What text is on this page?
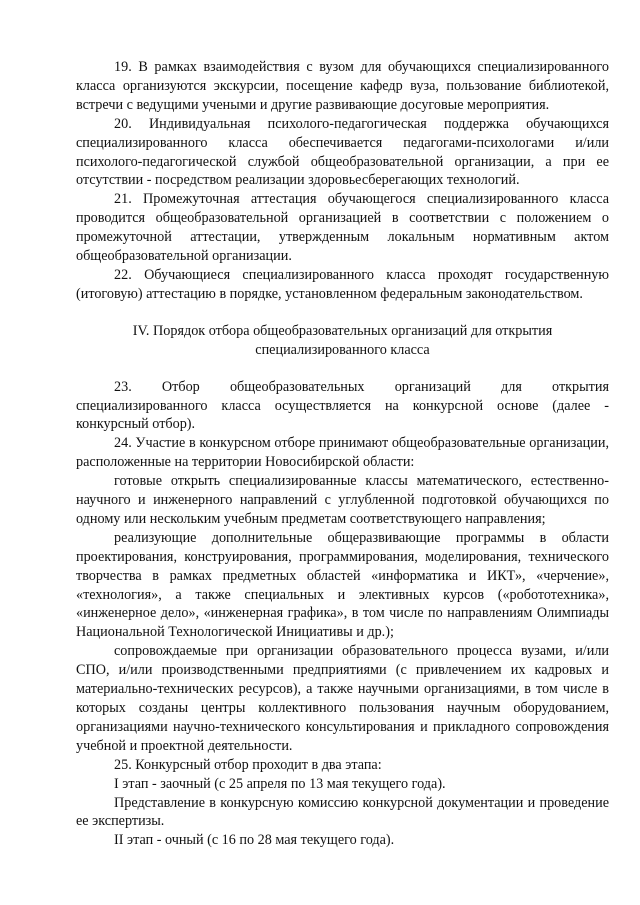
19. В рамках взаимодействия с вузом для обучающихся специализированного класса организуются экскурсии, посещение кафедр вуза, пользование библиотекой, встречи с ведущими учеными и другие развивающие досуговые мероприятия.

20. Индивидуальная психолого-педагогическая поддержка обучающихся специализированного класса обеспечивается педагогами-психологами и/или психолого-педагогической службой общеобразовательной организации, а при ее отсутствии - посредством реализации здоровьесберегающих технологий.

21. Промежуточная аттестация обучающегося специализированного класса проводится общеобразовательной организацией в соответствии с положением о промежуточной аттестации, утвержденным локальным нормативным актом общеобразовательной организации.

22. Обучающиеся специализированного класса проходят государственную (итоговую) аттестацию в порядке, установленном федеральным законодательством.

IV. Порядок отбора общеобразовательных организаций для открытия
специализированного класса

23. Отбор общеобразовательных организаций для открытия специализированного класса осуществляется на конкурсной основе (далее - конкурсный отбор).

24. Участие в конкурсном отборе принимают общеобразовательные организации, расположенные на территории Новосибирской области:

готовые открыть специализированные классы математического, естественно-научного и инженерного направлений с углубленной подготовкой обучающихся по одному или нескольким учебным предметам соответствующего направления;

реализующие дополнительные общеразвивающие программы в области проектирования, конструирования, программирования, моделирования, технического творчества в рамках предметных областей «информатика и ИКТ», «черчение», «технология», а также специальных и элективных курсов («робототехника», «инженерное дело», «инженерная графика», в том числе по направлениям Олимпиады Национальной Технологической Инициативы и др.);

сопровождаемые при организации образовательного процесса вузами, и/или СПО, и/или производственными предприятиями (с привлечением их кадровых и материально-технических ресурсов), а также научными организациями, в том числе в которых созданы центры коллективного пользования научным оборудованием, организациями научно-технического консультирования и прикладного сопровождения учебной и проектной деятельности.

25. Конкурсный отбор проходит в два этапа:

I этап - заочный (с 25 апреля по 13 мая текущего года).

Представление в конкурсную комиссию конкурсной документации и проведение ее экспертизы.

II этап - очный (с 16 по 28 мая текущего года).
